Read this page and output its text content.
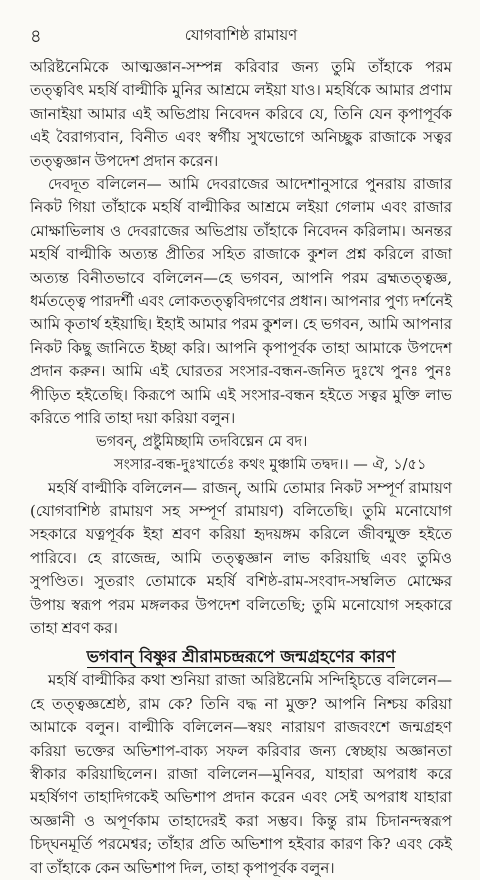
৪	যোগবাশিষ্ঠ রামায়ণ

অরিষ্টনেমিকে আত্মজ্ঞান-সম্পন্ন করিবার জন্য তুমি তাঁহাকে পরম তত্ত্ববিৎ মহর্ষি বাল্মীকি মুনির আশ্রমে লইয়া যাও। মহর্ষিকে আমার প্রণাম জানাইয়া আমার এই অভিপ্রায় নিবেদন করিবে যে, তিনি যেন কৃপাপূর্বক এই বৈরাগ্যবান, বিনীত এবং স্বর্গীয় সুখভোগে অনিচ্ছুক রাজাকে সত্বর তত্ত্বজ্ঞান উপদেশ প্রদান করেন।

দেবদূত বলিলেন— আমি দেবরাজের আদেশানুসারে পুনরায় রাজার নিকট গিয়া তাঁহাকে মহর্ষি বাল্মীকির আশ্রমে লইয়া গেলাম এবং রাজার মোক্ষাভিলাষ ও দেবরাজের অভিপ্রায় তাঁহাকে নিবেদন করিলাম। অনন্তর মহর্ষি বাল্মীকি অত্যন্ত প্রীতির সহিত রাজাকে কুশল প্রশ্ন করিলে রাজা অত্যন্ত বিনীতভাবে বলিলেন—হে ভগবন, আপনি পরম ব্রহ্মতত্ত্বজ্ঞ, ধর্মতত্ত্বে পারদর্শী এবং লোকতত্ত্ববিদ্গণের প্রধান। আপনার পুণ্য দর্শনেই আমি কৃতার্থ হইয়াছি। ইহাই আমার পরম কুশল। হে ভগবন, আমি আপনার নিকট কিছু জানিতে ইচ্ছা করি। আপনি কৃপাপূর্বক তাহা আমাকে উপদেশ প্রদান করুন। আমি এই ঘোরতর সংসার-বন্ধন-জনিত দুঃখে পুনঃ পুনঃ পীড়িত হইতেছি। কিরূপে আমি এই সংসার-বন্ধন হইতে সত্বর মুক্তি লাভ করিতে পারি তাহা দয়া করিয়া বলুন।

ভগবন্, প্রষ্টুমিচ্ছামি তদবিঘ্নেন মে বদ।
সংসার-বন্ধ-দুঃখার্তেঃ কথং মুঞ্চামি তদ্বদ।। — ঐ, ১/৫১

মহর্ষি বাল্মীকি বলিলেন— রাজন্, আমি তোমার নিকট সম্পূর্ণ রামায়ণ (যোগবাশিষ্ঠ রামায়ণ সহ সম্পূর্ণ রামায়ণ) বলিতেছি। তুমি মনোযোগ সহকারে যত্নপূর্বক ইহা শ্রবণ করিয়া হৃদয়ঙ্গম করিলে জীবন্মুক্ত হইতে পারিবে। হে রাজেন্দ্র, আমি তত্ত্বজ্ঞান লাভ করিয়াছি এবং তুমিও সুপণ্ডিত। সুতরাং তোমাকে মহর্ষি বশিষ্ঠ-রাম-সংবাদ-সম্বলিত মোক্ষের উপায় স্বরূপ পরম মঙ্গলকর উপদেশ বলিতেছি; তুমি মনোযোগ সহকারে তাহা শ্রবণ কর।

ভগবান্ বিষ্ণুর শ্রীরামচন্দ্ররূপে জন্মগ্রহণের কারণ

মহর্ষি বাল্মীকির কথা শুনিয়া রাজা অরিষ্টনেমি সন্দিহ্চিত্তে বলিলেন— হে তত্ত্বজ্ঞশ্রেষ্ঠ, রাম কে? তিনি বদ্ধ না মুক্ত? আপনি নিশ্চয় করিয়া আমাকে বলুন। বাল্মীকি বলিলেন—স্বয়ং নারায়ণ রাজবংশে জন্মগ্রহণ করিয়া ভক্তের অভিশাপ-বাক্য সফল করিবার জন্য স্বেচ্ছায় অজ্ঞানতা স্বীকার করিয়াছিলেন। রাজা বলিলেন—মুনিবর, যাহারা অপরাধ করে মহর্ষিগণ তাহাদিগকেই অভিশাপ প্রদান করেন এবং সেই অপরাধ যাহারা অজ্ঞানী ও অপূর্ণকাম তাহাদেরই করা সম্ভব। কিন্তু রাম চিদানন্দস্বরূপ চিদ্‌ঘনমূর্তি পরমেশ্বর; তাঁহার প্রতি অভিশাপ হইবার কারণ কি? এবং কেই বা তাঁহাকে কেন অভিশাপ দিল, তাহা কৃপাপূর্বক বলুন।
